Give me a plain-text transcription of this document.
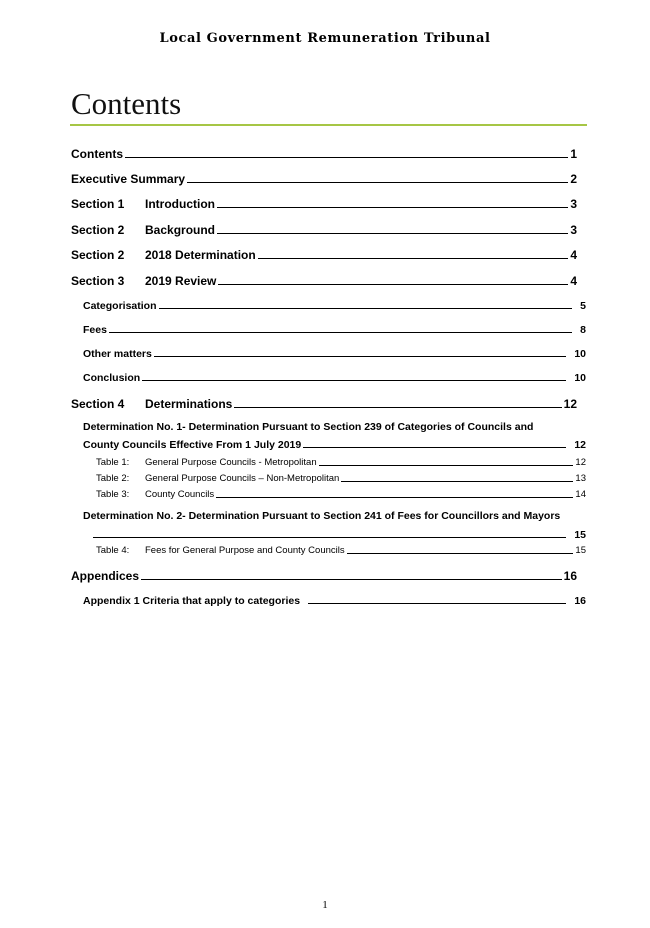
Local Government Remuneration Tribunal
Contents
Contents	1
Executive Summary	2
Section 1	Introduction	3
Section 2	Background	3
Section 2	2018 Determination	4
Section 3	2019 Review	4
Categorisation	5
Fees	8
Other matters	10
Conclusion	10
Section 4	Determinations	12
Determination No. 1- Determination Pursuant to Section 239 of Categories of Councils and
County Councils Effective From 1 July 2019	12
Table 1:	General Purpose Councils - Metropolitan	12
Table 2:	General Purpose Councils – Non-Metropolitan	13
Table 3:	County Councils	14
Determination No. 2- Determination Pursuant to Section 241 of Fees for Councillors and Mayors
15
Table 4:	Fees for General Purpose and County Councils	15
Appendices	16
Appendix 1 Criteria that apply to categories	16
1
